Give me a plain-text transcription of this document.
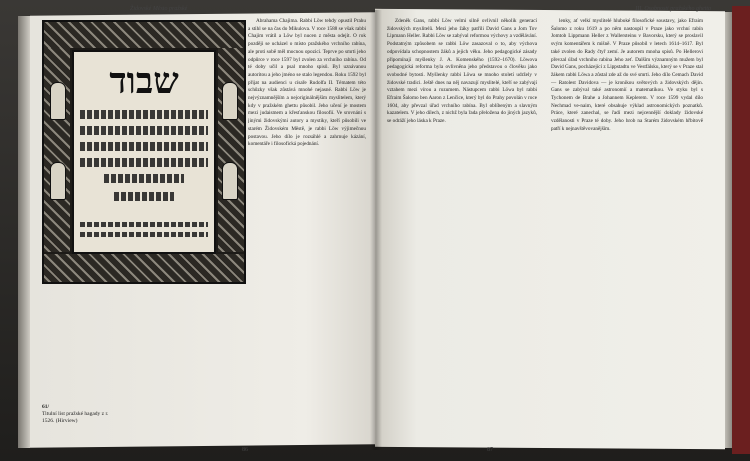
Židovské Město pražské
שבוד
61/
Titulní list pražské hagady z r.
1526. (Hirview)

Abrahama Chajima. Rabbi Löw tehdy opustil Prahu a stihl se na čas do Mikulova. V roce 1588 se však rabbi Chajim vrátil a Löw byl nucen z města odejít. O rok později se ucházel o místo pražského vrchního rabína, ale proti sobě měl mocnou opozici. Teprve po smrti jeho odpůrce v roce 1597 byl zvolen za vrchního rabína. Od té doby učil a psal mnoho spisů. Byl uznávanou autoritou a jeho jméno se stalo legendou. Roku 1592 byl přijat na audienci u císaře Rudolfa II. Tématem této schůzky však zůstává mnohé nejasné. Rabbi Löw je nejvýznamnějším a nejoriginálnějším myslitelem, který kdy v pražském ghettu působil. Jeho učení je mostem mezi judaismem a křesťanskou filosofií. Ve srovnání s jinými židovskými autory a mystiky, kteří působili ve starém Židovském Městě, je rabbi Löw výjimečnou postavou. Jeho dílo je rozsáhlé a zahrnuje kázání, komentáře i filosofická pojednání.

86
III. Osobnosti pražského ghetta

Zdeněk Gans, rabbi Löw velmi silně ovlivnil několik generací židovských myslitelů. Mezi jeho žáky patřili David Gans a Jom Tov Lipmann Heller. Rabbi Löw se zabýval reformou výchovy a vzdělávání. Podstatným způsobem se rabbi Löw zasazoval o to, aby výchova odpovídala schopnostem žáků a jejich věku. Jeho pedagogické zásady připomínají myšlenky J. A. Komenského (1592–1670). Löwova pedagogická reforma byla ovlivněna jeho představou o člověku jako svobodné bytosti. Myšlenky rabbi Löwa se mnoho století udržely v židovské tradici. Ještě dnes na něj navazují myslitelé, kteří se zabývají vztahem mezi vírou a rozumem. Nástupcem rabbi Löwa byl rabbi Efraim Šalomo ben Aaron z Lenčice, který byl do Prahy povolán v roce 1604, aby převzal úřad vrchního rabína. Byl oblíbeným a slavným kazatelem. V jeho dílech, z nichž byla řada přeložena do jiných jazyků, se odráží jeho láska k Praze.

lenky, ať velkí myslitelé hluboké filosofické soustavy, jako Efraim Šalomo z roku 1619 a po něm nastoupil v Praze jako vrchní rabín Jomtob Lippmann Heller z Wallersteinu v Bavorsku, který se proslavil svým komentářem k mišně. V Praze působil v letech 1614–1617. Byl také zvolen do Rady čtyř zemí. Je autorem mnoha spisů. Po Hellerovi převzal úřad vrchního rabína Jeho zeť. Dalším významným mužem byl David Gans, pocházející z Lippstadtu ve Vestfálsku, který se v Praze stal žákem rabbi Löwa a zůstal zde až do své smrti. Jeho dílo Cemach David — Ratolest Davidova — je kronikou světových a židovských dějin. Gans se zabýval také astronomií a matematikou. Ve styku byl s Tychonem de Brahe a Johannem Keplerem. V roce 1599 vydal dílo Nechmad ve-naim, které obsahuje výklad astronomických poznatků. Práce, které zanechal, se řadí mezi nejcennější doklady židovské vzdělanosti v Praze té doby. Jeho hrob na Starém židovském hřbitově patří k nejnavštěvovanějším.

87
